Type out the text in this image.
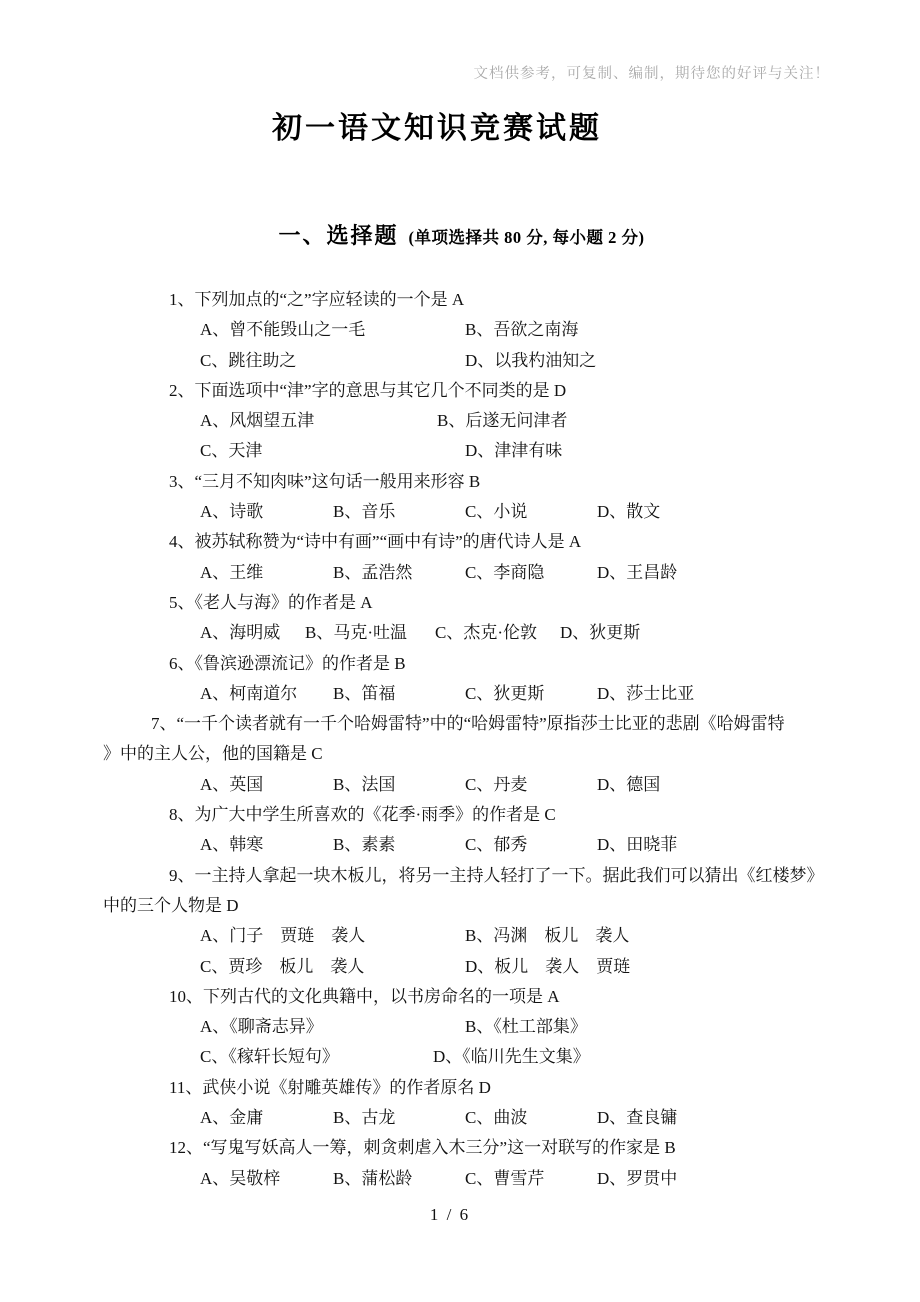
文档供参考，可复制、编制，期待您的好评与关注！
初一语文知识竞赛试题
一、选择题 (单项选择共 80 分, 每小题 2 分)
1、下列加点的“之”字应轻读的一个是 A
A、曾不能毁山之一毛	B、吾欲之南海
C、跳往助之	D、以我杓油知之
2、下面选项中“津”字的意思与其它几个不同类的是 D
A、风烟望五津	B、后遂无问津者
C、天津	D、津津有味
3、“三月不知肉味”这句话一般用来形容 B
A、诗歌	B、音乐	C、小说	D、散文
4、被苏轼称赞为“诗中有画”“画中有诗”的唐代诗人是 A
A、王维	B、孟浩然	C、李商隐	D、王昌龄
5、《老人与海》的作者是 A
A、海明威 B、马克·吐温 C、杰克·伦敦 D、狄更斯
6、《鲁滨逊漂流记》的作者是 B
A、柯南道尔 B、笛福	C、狄更斯	D、莎士比亚
7、“一千个读者就有一千个哈姆雷特”中的“哈姆雷特”原指莎士比亚的悲剧《哈姆雷特
》中的主人公，他的国籍是 C
A、英国	B、法国	C、丹麦	D、德国
8、为广大中学生所喜欢的《花季·雨季》的作者是 C
A、韩寒	B、素素	C、郁秀	D、田晓菲
9、一主持人拿起一块木板儿，将另一主持人轻打了一下。据此我们可以猜出《红楼梦》
中的三个人物是 D
A、门子　贾琏　袭人	B、冯渊　板儿　袭人
C、贾珍　板儿　袭人	D、板儿　袭人　贾琏
10、下列古代的文化典籍中，以书房命名的一项是 A
A、《聊斋志异》	B、《杜工部集》
C、《稼轩长短句》	D、《临川先生文集》
11、武侠小说《射雕英雄传》的作者原名 D
A、金庸	B、古龙	C、曲波	D、查良镛
12、“写鬼写妖高人一筹，刺贪刺虐入木三分”这一对联写的作家是 B
A、吴敬梓	B、蒲松龄	C、曹雪芹	D、罗贯中
1 / 6
